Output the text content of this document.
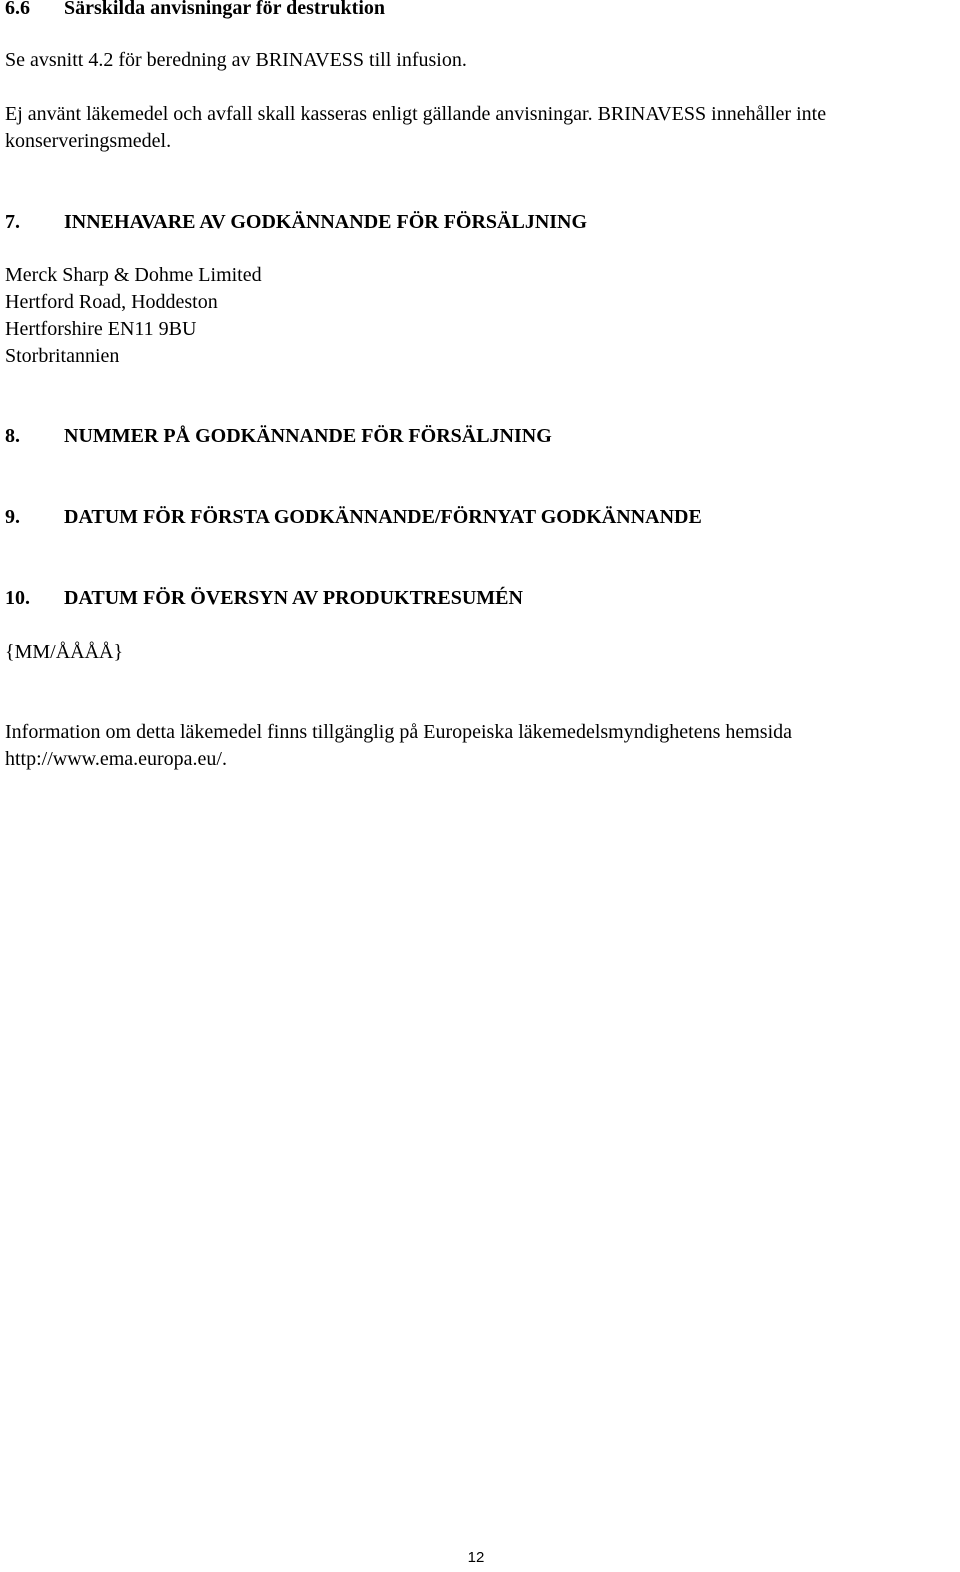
6.6 Särskilda anvisningar för destruktion
Se avsnitt 4.2 för beredning av BRINAVESS till infusion.
Ej använt läkemedel och avfall skall kasseras enligt gällande anvisningar. BRINAVESS innehåller inte
konserveringsmedel.
7. INNEHAVARE AV GODKÄNNANDE FÖR FÖRSÄLJNING
Merck Sharp & Dohme Limited
Hertford Road, Hoddeston
Hertforshire EN11 9BU
Storbritannien
8. NUMMER PÅ GODKÄNNANDE FÖR FÖRSÄLJNING
9. DATUM FÖR FÖRSTA GODKÄNNANDE/FÖRNYAT GODKÄNNANDE
10. DATUM FÖR ÖVERSYN AV PRODUKTRESUMÉN
{MM/ÅÅÅÅ}
Information om detta läkemedel finns tillgänglig på Europeiska läkemedelsmyndighetens hemsida
http://www.ema.europa.eu/.
12
